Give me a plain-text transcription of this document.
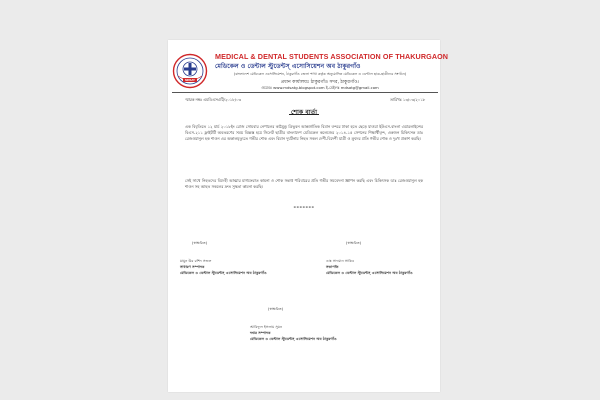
MDSAT
MEDICAL & DENTAL STUDENTS ASSOCIATION OF THAKURGAON
মেডিকেল ও ডেন্টাল স্টুডেন্টস্ এসোসিয়েশন অব ঠাকুরগাঁও
(বাংলাদেশ মেডিকেল এসোসিয়েশন, ঠাকুরগাঁও জেলা শাখা কর্তৃক অনুমোদিত মেডিকেল ও ডেন্টাল ছাত্র-ছাত্রীদের সংগঠন)
প্রধান কার্যালয়ঃ ঠাকুরগাঁও সদর, ঠাকুরগাঁও।
ওয়েবঃ www.mdsatg.blogspot.com ই-মেইলঃ mdsatg@gmail.com
স্মারক নম্বঃ এমডিএসএটি/২০১৮/০৩	তারিখঃ ১৩/০৩/২০১৮
শোক বার্তা
এক বিবৃতিতে ১২ মার্চ ২০১৮ইং রোজ সোমবার নেপালের কাঠমুন্ডু ত্রিভুবন আন্তর্জাতিক বিমান বন্দরে ঢাকা হতে ছেড়ে যাওয়া ইউএস-বাংলা এয়ারলাইন্সের বিএস-২১১ ফ্লাইটটি অবতরণের সময় বিধ্বস্ত হয়ে সিলেট ছাত্রীর বাংলাদেশ মেডিকেল কলেজের ২০১৪-১৫ সেশনের শিক্ষার্থীবৃন্দ, একজন চিকিৎসক ডাঃ রেজওয়ানুল হক শাওন এর অকালমৃত্যুতে গভীর শোক এবং বিমান দুর্ঘটনায় নিহত সকল দেশী-বিদেশী যাত্রী ও ক্রুদের প্রতি গভীর শোক ও দুঃখ প্রকাশ করছি।
সেই সাথে নিহতদের বিদেহী আত্মার মাগফেরাত কামনা ও শোক সন্তপ্ত পরিবারের প্রতি গভীর সমবেদনা জ্ঞাপন করছি এবং চিকিৎসক ডাঃ রেজওয়ানুল হক শাওন সহ আহত সকলের দ্রুত সুস্থতা কামনা করছি।
-------
(স্বাক্ষরিত)
মামুন উর রশিদ সজল
সাধারণ সম্পাদক
মেডিকেল ও ডেন্টাল স্টুডেন্টস্ এসোসিয়েশন অব ঠাকুরগাঁও
(স্বাক্ষরিত)
ডাঃ সাদমান সাকিব
সভাপতি
মেডিকেল ও ডেন্টাল স্টুডেন্টস্ এসোসিয়েশন অব ঠাকুরগাঁও
(স্বাক্ষরিত)
আরিফুল ইসলাম সুমন
দপ্তর সম্পাদক
মেডিকেল ও ডেন্টাল স্টুডেন্টস্ এসোসিয়েশন অব ঠাকুরগাঁও
